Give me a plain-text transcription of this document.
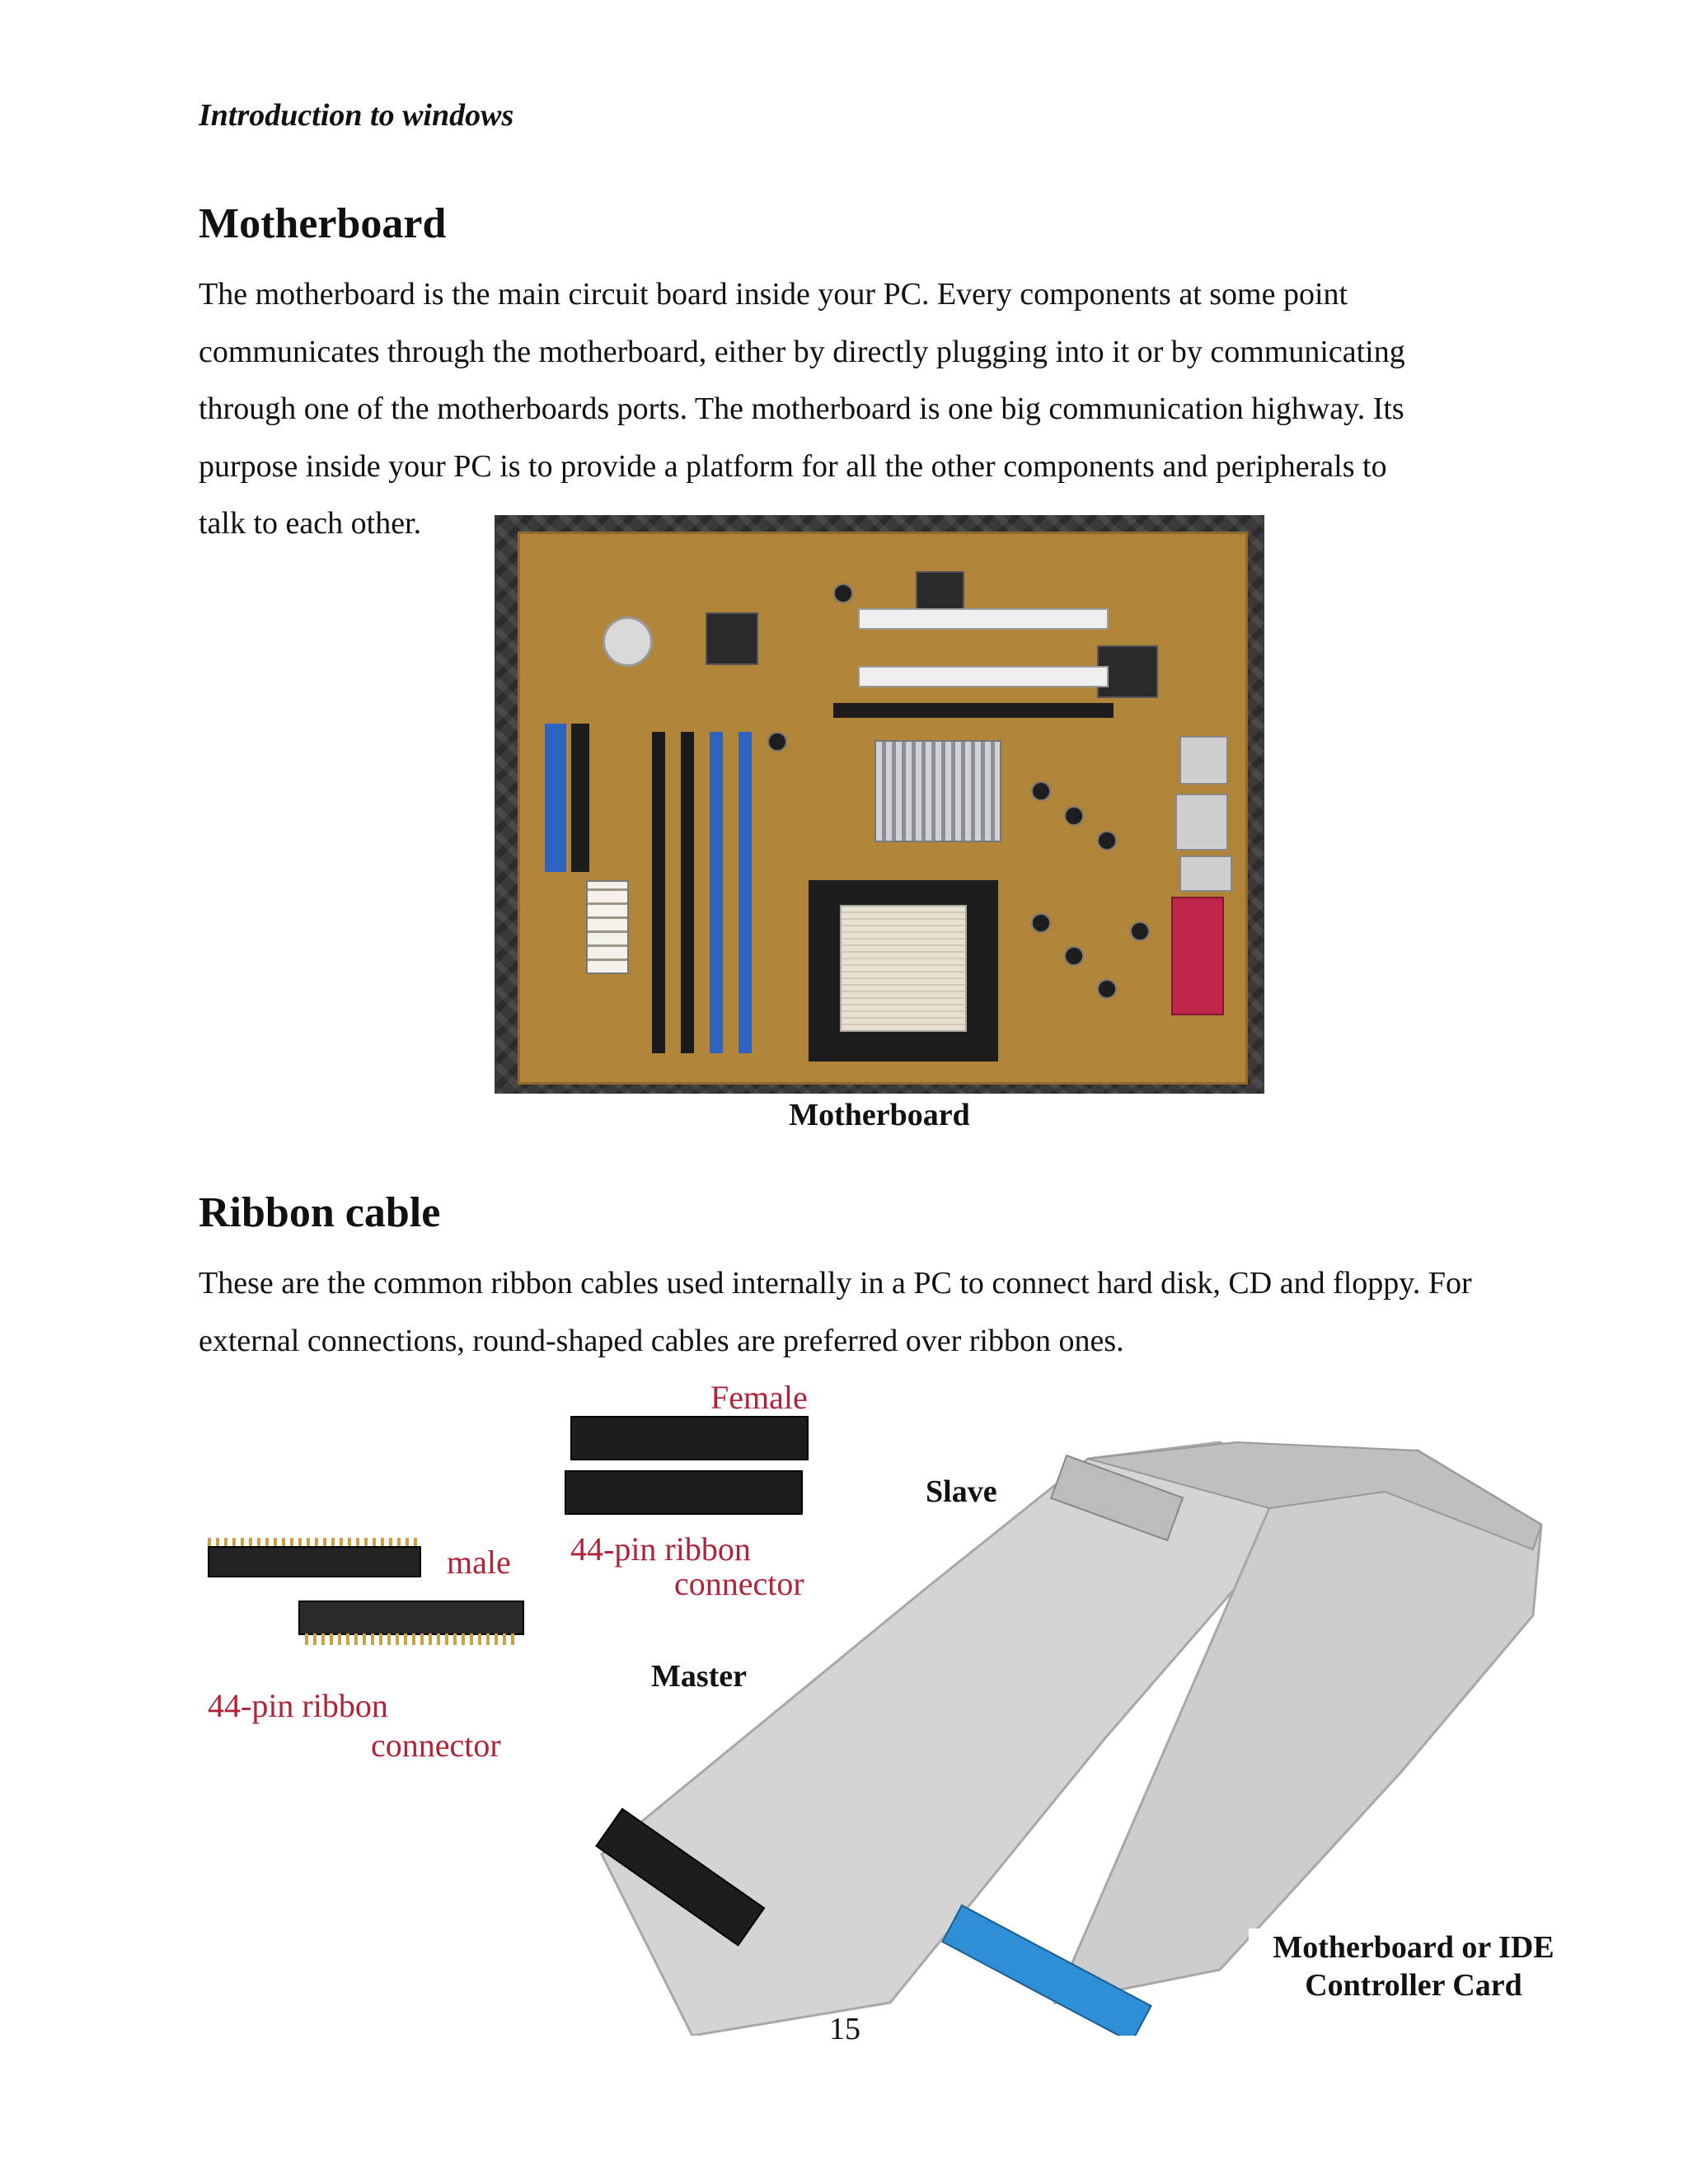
Introduction to windows
Motherboard

The motherboard is the main circuit board inside your PC. Every components at some point communicates through the motherboard, either by directly plugging into it or by communicating through one of the motherboards ports. The motherboard is one big communication highway. Its purpose inside your PC is to provide a platform for all the other components and peripherals to

talk to each other.

Motherboard
Ribbon cable

These are the common ribbon cables used internally in a PC to connect hard disk, CD and floppy. For external connections, round-shaped cables are preferred over ribbon ones.

Female
44-pin ribbon
connector
male
44-pin ribbon
connector
Slave
Master
Motherboard or IDE
Controller Card
15
